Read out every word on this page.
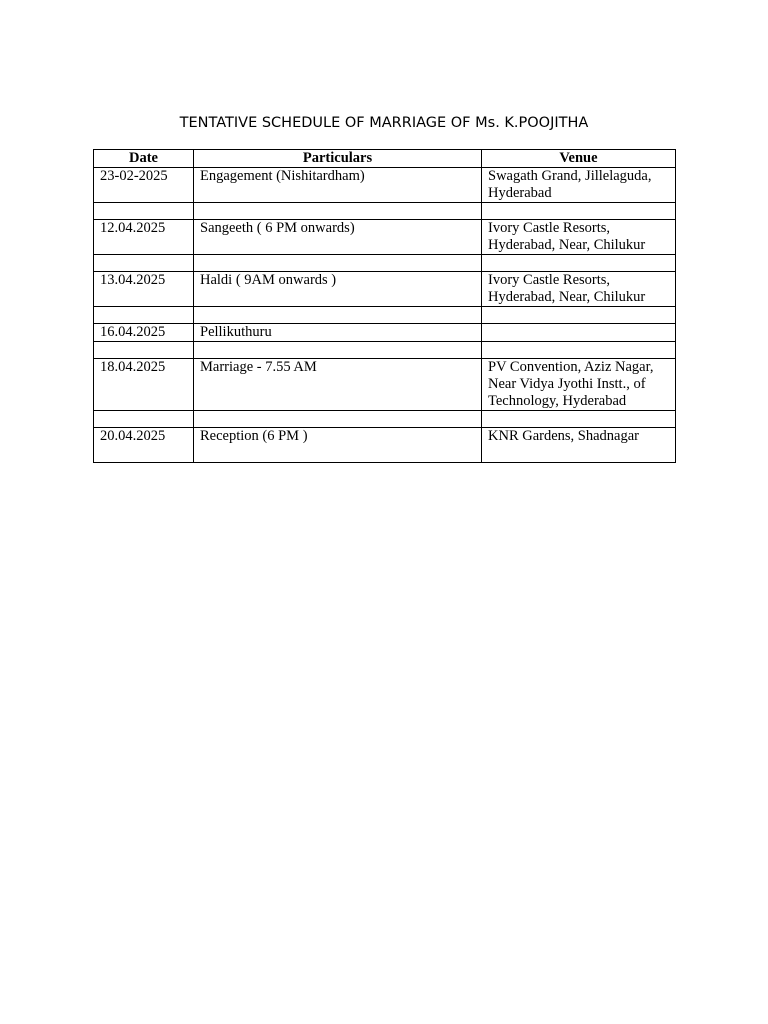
TENTATIVE SCHEDULE OF MARRIAGE OF Ms. K.POOJITHA
Date	Particulars	Venue
23-02-2025	Engagement (Nishitardham)	Swagath Grand, Jillelaguda, Hyderabad

12.04.2025	Sangeeth ( 6 PM onwards)	Ivory Castle Resorts, Hyderabad, Near, Chilukur

13.04.2025	Haldi ( 9AM onwards )	Ivory Castle Resorts, Hyderabad, Near, Chilukur

16.04.2025	Pellikuthuru	

18.04.2025	Marriage - 7.55 AM	PV Convention, Aziz Nagar, Near Vidya Jyothi Instt., of Technology, Hyderabad

20.04.2025	Reception (6 PM )	KNR Gardens, Shadnagar
